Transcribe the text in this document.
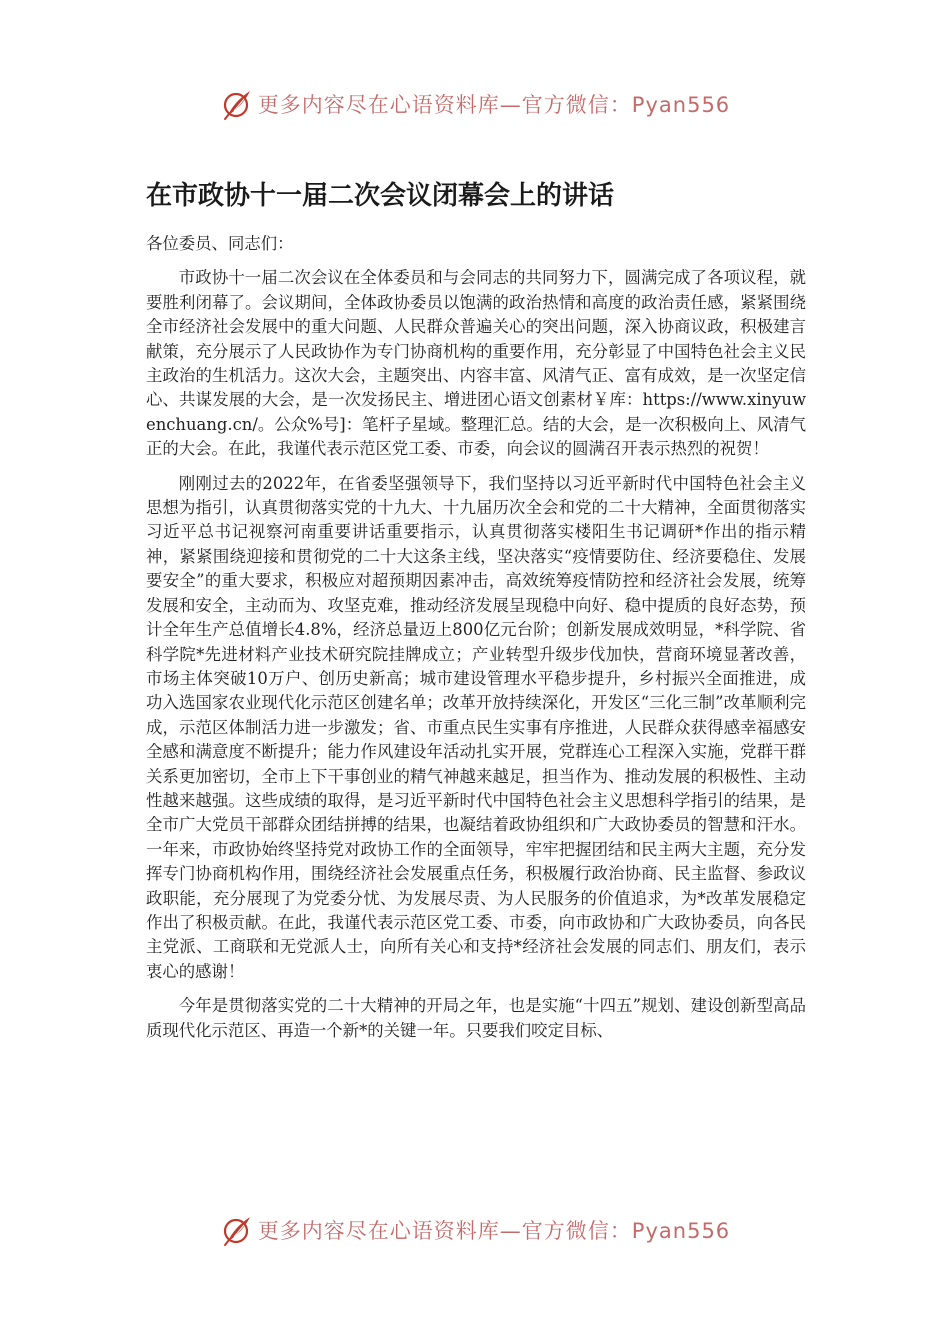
更多内容尽在心语资料库—官方微信：Pyan556
在市政协十一届二次会议闭幕会上的讲话

各位委员、同志们：

市政协十一届二次会议在全体委员和与会同志的共同努力下，圆满完成了各项议程，就要胜利闭幕了。会议期间，全体政协委员以饱满的政治热情和高度的政治责任感，紧紧围绕全市经济社会发展中的重大问题、人民群众普遍关心的突出问题，深入协商议政，积极建言献策，充分展示了人民政协作为专门协商机构的重要作用，充分彰显了中国特色社会主义民主政治的生机活力。这次大会，主题突出、内容丰富、风清气正、富有成效，是一次坚定信心、共谋发展的大会，是一次发扬民主、增进团心语文创素材￥库：https://www.xinyuwenchuang.cn/。公众%号]：笔杆子星域。整理汇总。结的大会，是一次积极向上、风清气正的大会。在此，我谨代表示范区党工委、市委，向会议的圆满召开表示热烈的祝贺！

刚刚过去的2022年，在省委坚强领导下，我们坚持以习近平新时代中国特色社会主义思想为指引，认真贯彻落实党的十九大、十九届历次全会和党的二十大精神，全面贯彻落实习近平总书记视察河南重要讲话重要指示，认真贯彻落实楼阳生书记调研*作出的指示精神，紧紧围绕迎接和贯彻党的二十大这条主线，坚决落实“疫情要防住、经济要稳住、发展要安全”的重大要求，积极应对超预期因素冲击，高效统筹疫情防控和经济社会发展，统筹发展和安全，主动而为、攻坚克难，推动经济发展呈现稳中向好、稳中提质的良好态势，预计全年生产总值增长4.8%，经济总量迈上800亿元台阶；创新发展成效明显，*科学院、省科学院*先进材料产业技术研究院挂牌成立；产业转型升级步伐加快，营商环境显著改善，市场主体突破10万户、创历史新高；城市建设管理水平稳步提升，乡村振兴全面推进，成功入选国家农业现代化示范区创建名单；改革开放持续深化，开发区“三化三制”改革顺利完成，示范区体制活力进一步激发；省、市重点民生实事有序推进，人民群众获得感幸福感安全感和满意度不断提升；能力作风建设年活动扎实开展，党群连心工程深入实施，党群干群关系更加密切，全市上下干事创业的精气神越来越足，担当作为、推动发展的积极性、主动性越来越强。这些成绩的取得，是习近平新时代中国特色社会主义思想科学指引的结果，是全市广大党员干部群众团结拼搏的结果，也凝结着政协组织和广大政协委员的智慧和汗水。一年来，市政协始终坚持党对政协工作的全面领导，牢牢把握团结和民主两大主题，充分发挥专门协商机构作用，围绕经济社会发展重点任务，积极履行政治协商、民主监督、参政议政职能，充分展现了为党委分忧、为发展尽责、为人民服务的价值追求，为*改革发展稳定作出了积极贡献。在此，我谨代表示范区党工委、市委，向市政协和广大政协委员，向各民主党派、工商联和无党派人士，向所有关心和支持*经济社会发展的同志们、朋友们，表示衷心的感谢！

今年是贯彻落实党的二十大精神的开局之年，也是实施“十四五”规划、建设创新型高品质现代化示范区、再造一个新*的关键一年。只要我们咬定目标、

更多内容尽在心语资料库—官方微信：Pyan556
